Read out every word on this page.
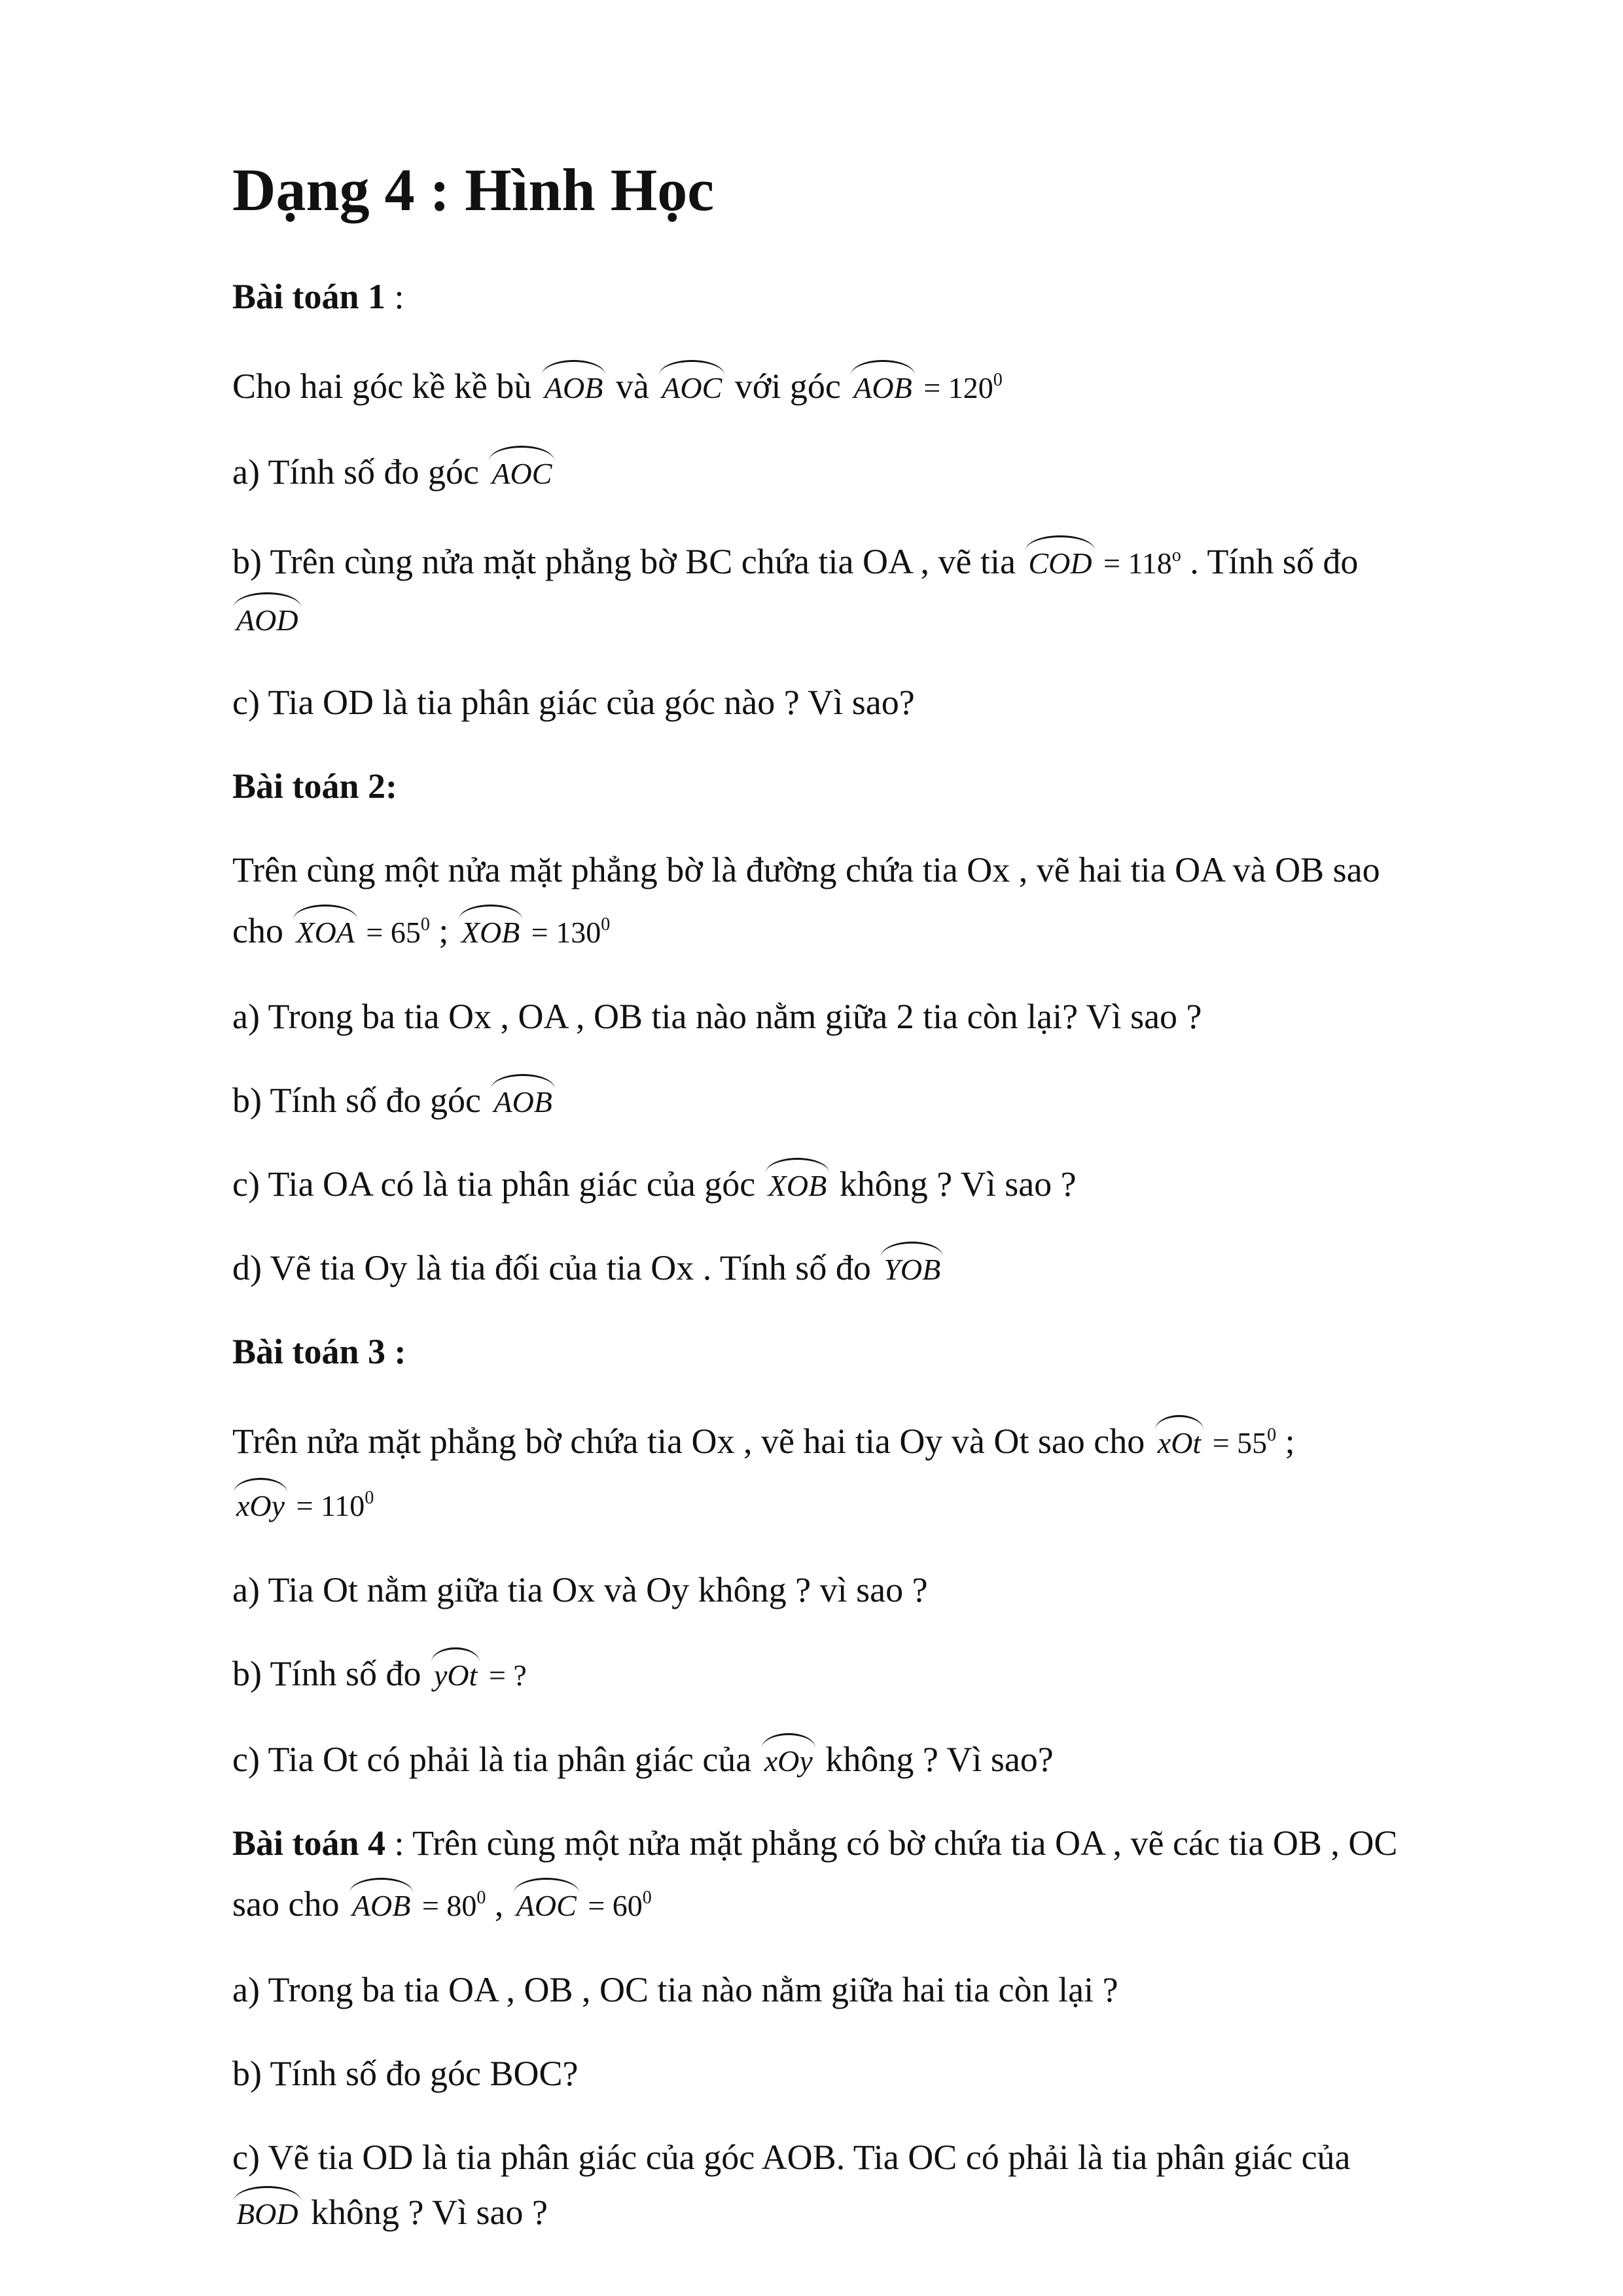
Dạng 4 : Hình Học
Bài toán 1 :
Cho hai góc kề kề bù AOB và AOC với góc AOB = $120^0$
a) Tính số đo góc AOC
b) Trên cùng nửa mặt phẳng bờ BC chứa tia OA , vẽ tia COD = $118^o$ . Tính số đo
AOD
c) Tia OD là tia phân giác của góc nào ? Vì sao?
Bài toán 2:
Trên cùng một nửa mặt phẳng bờ là đường chứa tia Ox , vẽ hai tia OA và OB sao
cho XOA = $65^0$ ; XOB = $130^0$
a) Trong ba tia Ox , OA , OB tia nào nằm giữa 2 tia còn lại? Vì sao ?
b) Tính số đo góc AOB
c) Tia OA có là tia phân giác của góc XOB không ? Vì sao ?
d) Vẽ tia Oy là tia đối của tia Ox . Tính số đo YOB
Bài toán 3 :
Trên nửa mặt phẳng bờ chứa tia Ox , vẽ hai tia Oy và Ot sao cho xOt = $55^0$ ;
xOy = $110^0$
a) Tia Ot nằm giữa tia Ox và Oy không ? vì sao ?
b) Tính số đo yOt = ?
c) Tia Ot có phải là tia phân giác của xOy không ? Vì sao?
Bài toán 4 : Trên cùng một nửa mặt phẳng có bờ chứa tia OA , vẽ các tia OB , OC
sao cho AOB = $80^0$ , AOC = $60^0$
a) Trong ba tia OA , OB , OC tia nào nằm giữa hai tia còn lại ?
b) Tính số đo góc BOC?
c) Vẽ tia OD là tia phân giác của góc AOB. Tia OC có phải là tia phân giác của
BOD không ? Vì sao ?
